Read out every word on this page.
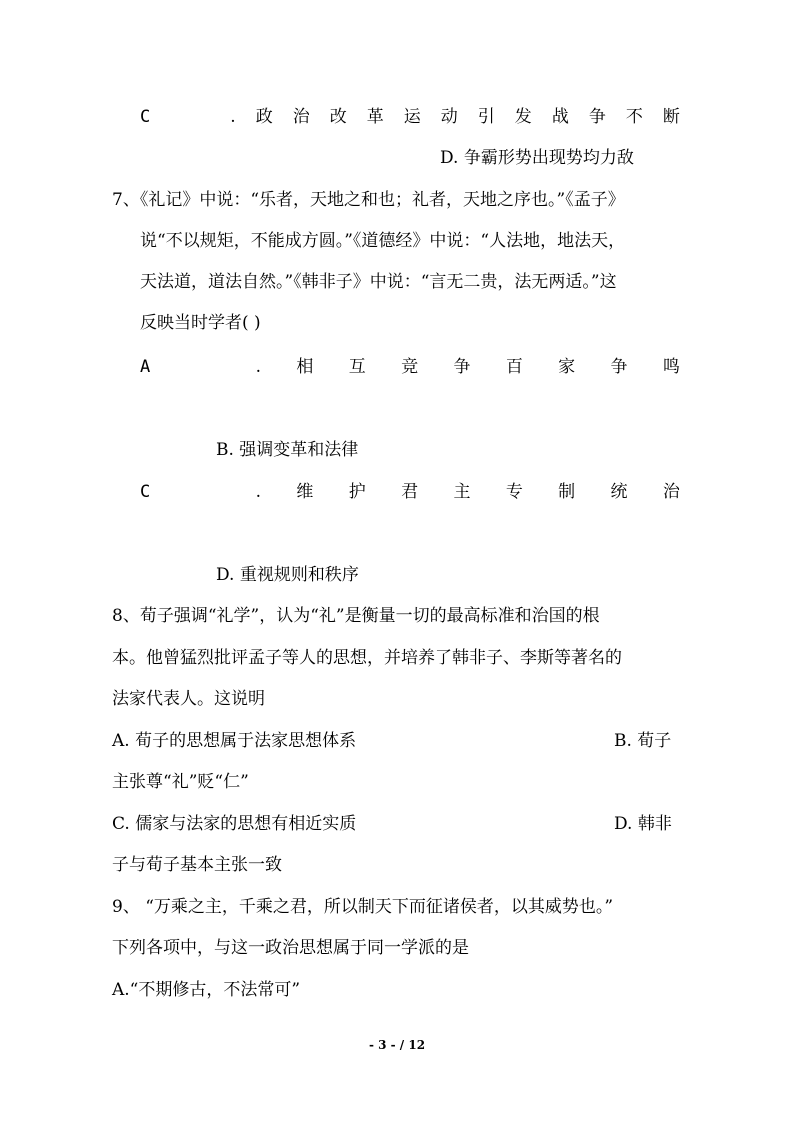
C	. 政 治 改 革 运 动 引 发 战 争 不 断
D. 争霸形势出现势均力敌
7、《礼记》中说：“乐者，天地之和也；礼者，天地之序也。”《孟子》
说“不以规矩，不能成方圆。”《道德经》中说：“人法地，地法天，
天法道，道法自然。”《韩非子》中说：“言无二贵，法无两适。”这
反映当时学者( )
A	. 相 互 竞 争 百 家 争 鸣
B. 强调变革和法律
C	. 维 护 君 主 专 制 统 治
D. 重视规则和秩序
8、荀子强调“礼学”，认为“礼”是衡量一切的最高标准和治国的根
本。他曾猛烈批评孟子等人的思想，并培养了韩非子、李斯等著名的
法家代表人。这说明
A. 荀子的思想属于法家思想体系	B. 荀子
主张尊“礼”贬“仁”
C. 儒家与法家的思想有相近实质	D. 韩非
子与荀子基本主张一致
9、 “万乘之主，千乘之君，所以制天下而征诸侯者，以其威势也。”
下列各项中，与这一政治思想属于同一学派的是
A.“不期修古，不法常可”
- 3 - / 12
